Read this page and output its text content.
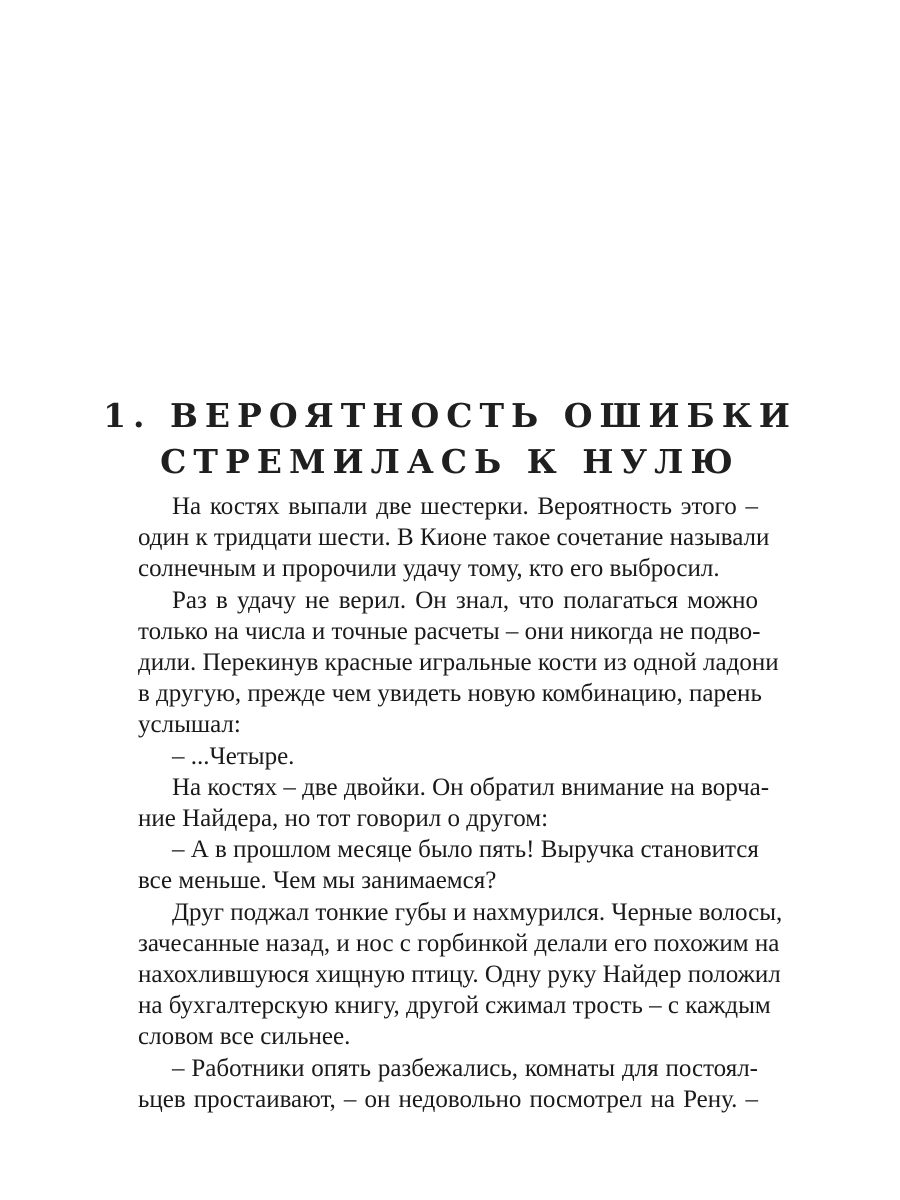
1. ВЕРОЯТНОСТЬ ОШИБКИ
СТРЕМИЛАСЬ К НУЛЮ

На костях выпали две шестерки. Вероятность этого –
один к тридцати шести. В Кионе такое сочетание называли
солнечным и пророчили удачу тому, кто его выбросил.

Раз в удачу не верил. Он знал, что полагаться можно
только на числа и точные расчеты – они никогда не подво-
дили. Перекинув красные игральные кости из одной ладони
в другую, прежде чем увидеть новую комбинацию, парень
услышал:

– ...Четыре.

На костях – две двойки. Он обратил внимание на ворча-
ние Найдера, но тот говорил о другом:

– А в прошлом месяце было пять! Выручка становится
все меньше. Чем мы занимаемся?

Друг поджал тонкие губы и нахмурился. Черные волосы,
зачесанные назад, и нос с горбинкой делали его похожим на
нахохлившуюся хищную птицу. Одну руку Найдер положил
на бухгалтерскую книгу, другой сжимал трость – с каждым
словом все сильнее.

– Работники опять разбежались, комнаты для постоял-
ьцев простаивают, – он недовольно посмотрел на Рену. –
